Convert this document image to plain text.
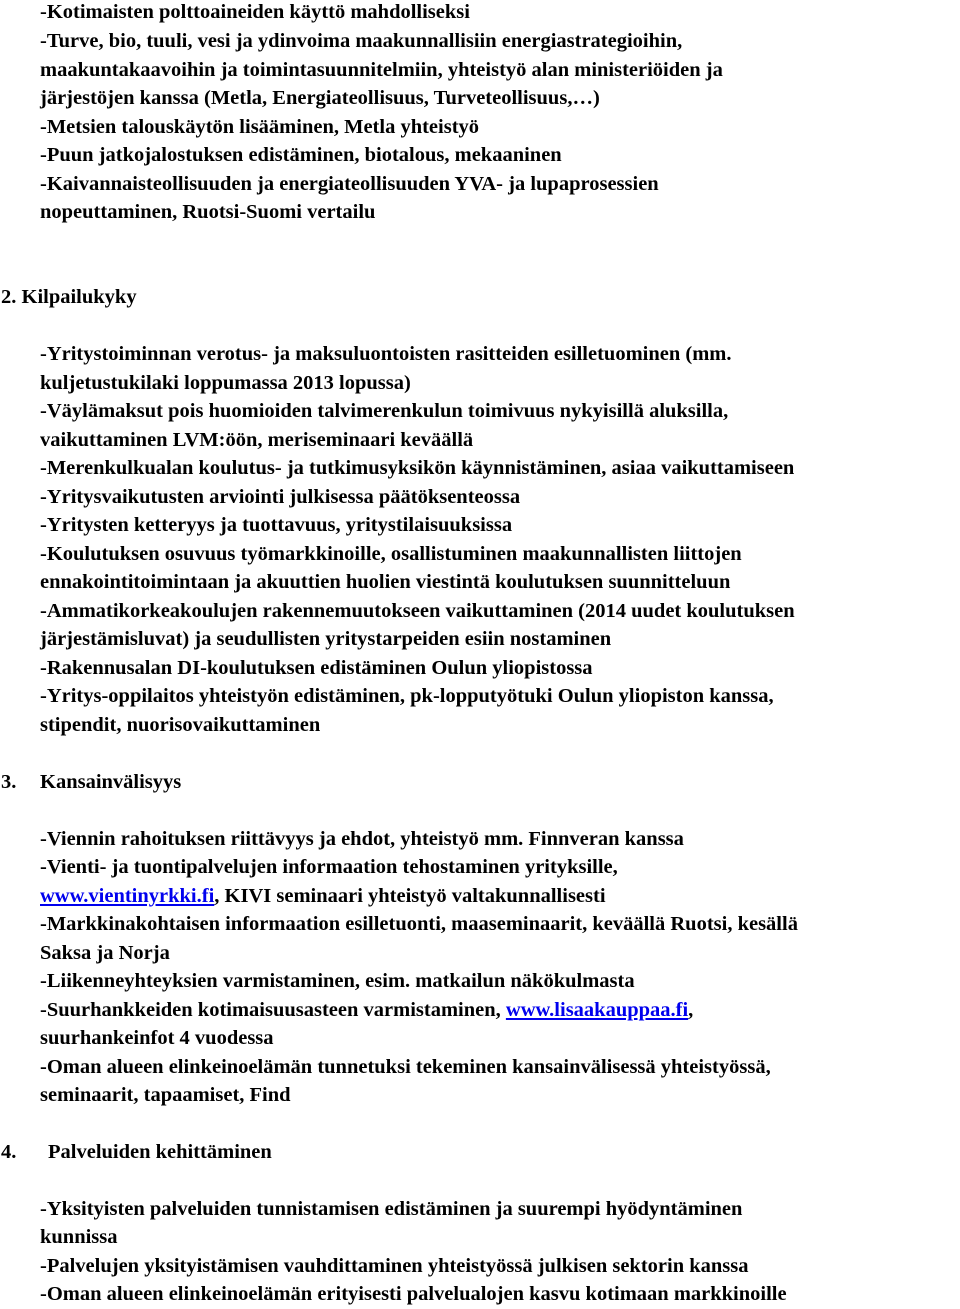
-Kotimaisten polttoaineiden käyttö mahdolliseksi
-Turve, bio, tuuli, vesi ja ydinvoima maakunnallisiin energiastrategioihin,
maakuntakaavoihin ja toimintasuunnitelmiin, yhteistyö alan ministeriöiden ja
järjestöjen kanssa (Metla, Energiateollisuus, Turveteollisuus,…)
-Metsien talouskäytön lisääminen, Metla yhteistyö
-Puun jatkojalostuksen edistäminen, biotalous, mekaaninen
-Kaivannaisteollisuuden ja energiateollisuuden YVA- ja lupaprosessien
nopeuttaminen, Ruotsi-Suomi vertailu
2. Kilpailukyky
-Yritystoiminnan verotus- ja maksuluontoisten rasitteiden esilletuominen (mm.
kuljetustukilaki loppumassa 2013 lopussa)
-Väylämaksut pois huomioiden talvimerenkulun toimivuus nykyisillä aluksilla,
vaikuttaminen LVM:öön, meriseminaari keväällä
-Merenkulkualan koulutus- ja tutkimusyksikön käynnistäminen, asiaa vaikuttamiseen
-Yritysvaikutusten arviointi julkisessa päätöksenteossa
-Yritysten ketteryys ja tuottavuus, yritystilaisuuksissa
-Koulutuksen osuvuus työmarkkinoille, osallistuminen maakunnallisten liittojen
ennakointitoimintaan ja akuuttien huolien viestintä koulutuksen suunnitteluun
-Ammatikorkeakoulujen rakennemuutokseen vaikuttaminen (2014 uudet koulutuksen
järjestämisluvat) ja seudullisten yritystarpeiden esiin nostaminen
-Rakennusalan DI-koulutuksen edistäminen Oulun yliopistossa
-Yritys-oppilaitos yhteistyön edistäminen, pk-lopputyötuki Oulun yliopiston kanssa,
stipendit, nuorisovaikuttaminen
3. Kansainvälisyys
-Viennin rahoituksen riittävyys ja ehdot, yhteistyö mm. Finnveran kanssa
-Vienti- ja tuontipalvelujen informaation tehostaminen yrityksille,
www.vientinyrkki.fi, KIVI seminaari yhteistyö valtakunnallisesti
-Markkinakohtaisen informaation esilletuonti, maaseminaarit, keväällä Ruotsi, kesällä
Saksa ja Norja
-Liikenneyhteyksien varmistaminen, esim. matkailun näkökulmasta
-Suurhankkeiden kotimaisuusasteen varmistaminen, www.lisaakauppaa.fi,
suurhankeinfot 4 vuodessa
-Oman alueen elinkeinoelämän tunnetuksi tekeminen kansainvälisessä yhteistyössä,
seminaarit, tapaamiset, Find
4. Palveluiden kehittäminen
-Yksityisten palveluiden tunnistamisen edistäminen ja suurempi hyödyntäminen
kunnissa
-Palvelujen yksityistämisen vauhdittaminen yhteistyössä julkisen sektorin kanssa
-Oman alueen elinkeinoelämän erityisesti palvelualojen kasvu kotimaan markkinoille
